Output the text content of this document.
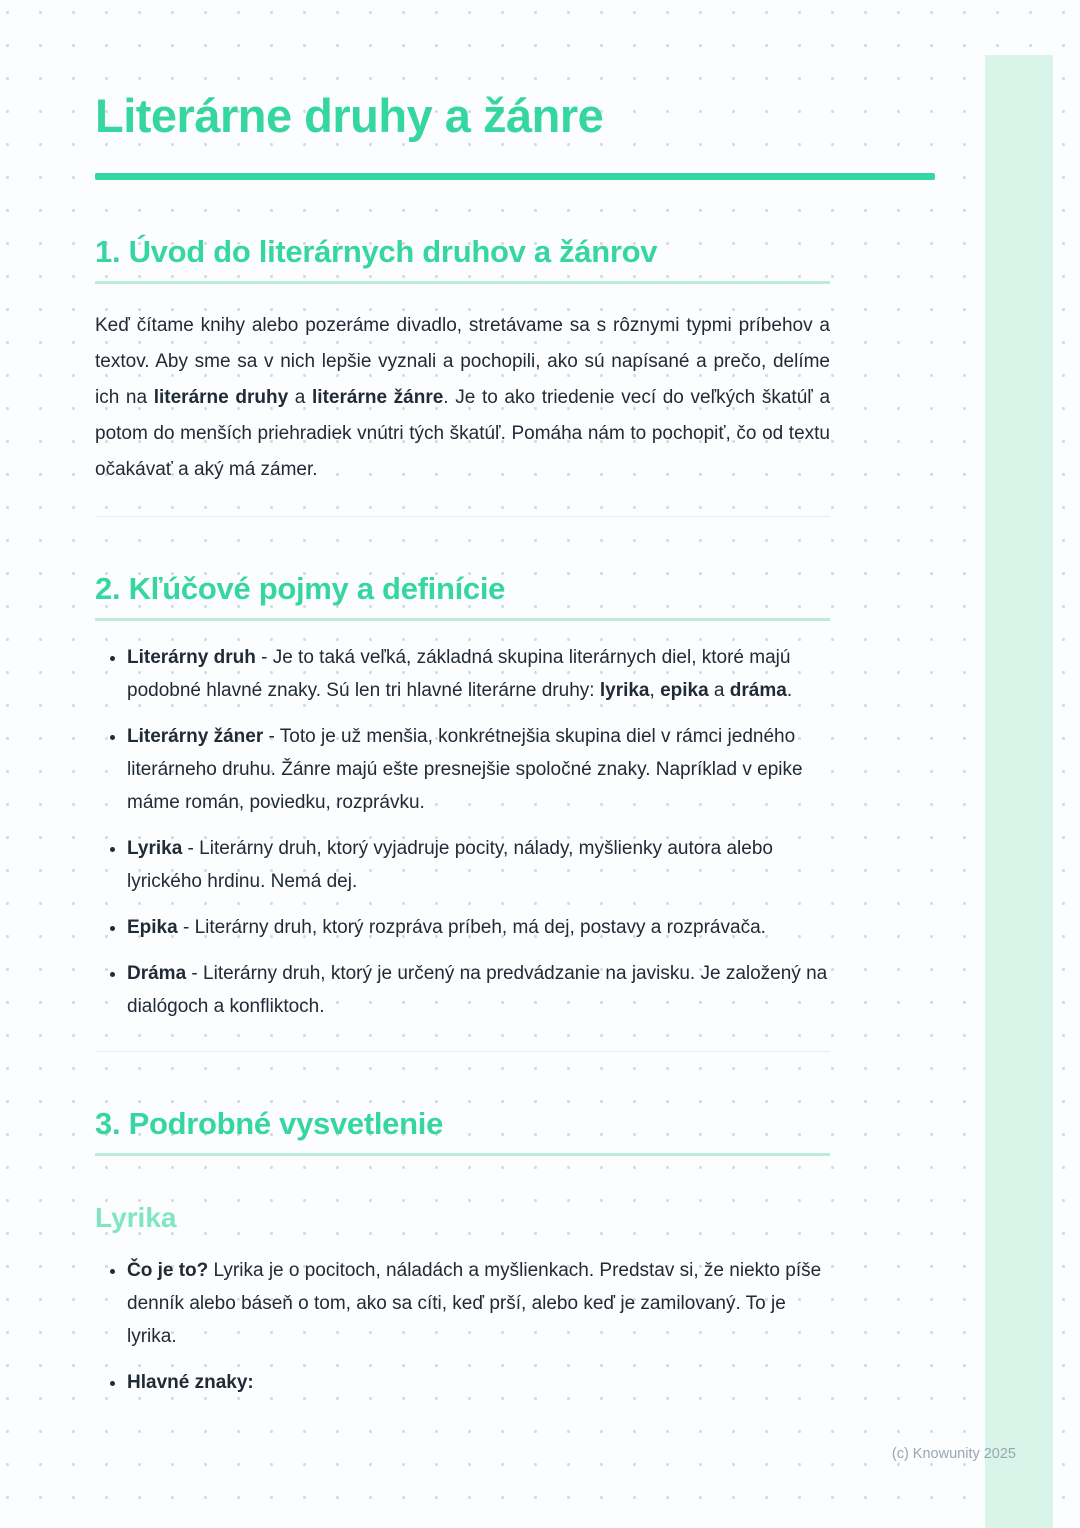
Literárne druhy a žánre
1. Úvod do literárnych druhov a žánrov

Keď čítame knihy alebo pozeráme divadlo, stretávame sa s rôznymi typmi príbehov a textov. Aby sme sa v nich lepšie vyznali a pochopili, ako sú napísané a prečo, delíme ich na literárne druhy a literárne žánre. Je to ako triedenie vecí do veľkých škatúľ a potom do menších priehradiek vnútri tých škatúľ. Pomáha nám to pochopiť, čo od textu očakávať a aký má zámer.

2. Kľúčové pojmy a definície
• Literárny druh - Je to taká veľká, základná skupina literárnych diel, ktoré majú podobné hlavné znaky. Sú len tri hlavné literárne druhy: lyrika, epika a dráma.
• Literárny žáner - Toto je už menšia, konkrétnejšia skupina diel v rámci jedného literárneho druhu. Žánre majú ešte presnejšie spoločné znaky. Napríklad v epike máme román, poviedku, rozprávku.
• Lyrika - Literárny druh, ktorý vyjadruje pocity, nálady, myšlienky autora alebo lyrického hrdinu. Nemá dej.
• Epika - Literárny druh, ktorý rozpráva príbeh, má dej, postavy a rozprávača.
• Dráma - Literárny druh, ktorý je určený na predvádzanie na javisku. Je založený na dialógoch a konfliktoch.
3. Podrobné vysvetlenie
Lyrika
• Čo je to? Lyrika je o pocitoch, náladách a myšlienkach. Predstav si, že niekto píše denník alebo báseň o tom, ako sa cíti, keď prší, alebo keď je zamilovaný. To je lyrika.
• Hlavné znaky:
(c) Knowunity 2025
